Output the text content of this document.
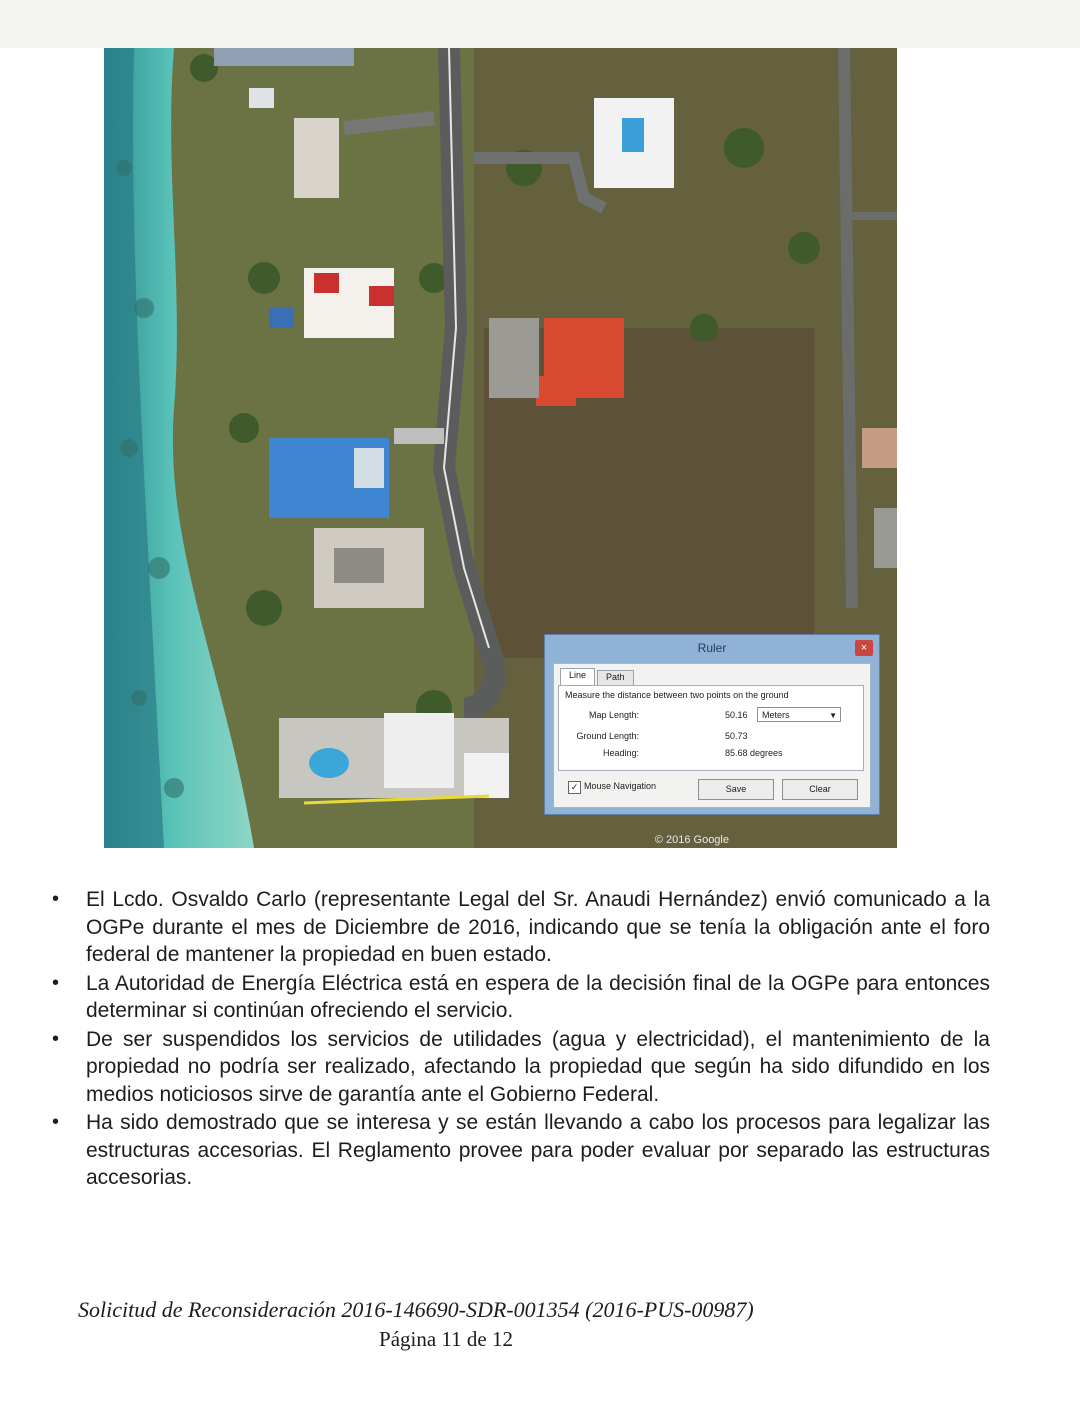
© 2016 Google
Ruler	×
Line Path
Measure the distance between two points on the ground
Map Length:	50.16	Meters	▼
Ground Length:	50.73
Heading:	85.68 degrees
✓ Mouse Navigation	Save	Clear
• El Lcdo. Osvaldo Carlo (representante Legal del Sr. Anaudi Hernández) envió comunicado a la OGPe durante el mes de Diciembre de 2016, indicando que se tenía la obligación ante el foro federal de mantener la propiedad en buen estado.
• La Autoridad de Energía Eléctrica está en espera de la decisión final de la OGPe para entonces determinar si continúan ofreciendo el servicio.
• De ser suspendidos los servicios de utilidades (agua y electricidad), el mantenimiento de la propiedad no podría ser realizado, afectando la propiedad que según ha sido difundido en los medios noticiosos sirve de garantía ante el Gobierno Federal.
• Ha sido demostrado que se interesa y se están llevando a cabo los procesos para legalizar las estructuras accesorias. El Reglamento provee para poder evaluar por separado las estructuras accesorias.
Solicitud de Reconsideración 2016-146690-SDR-001354 (2016-PUS-00987)
Página 11 de 12
